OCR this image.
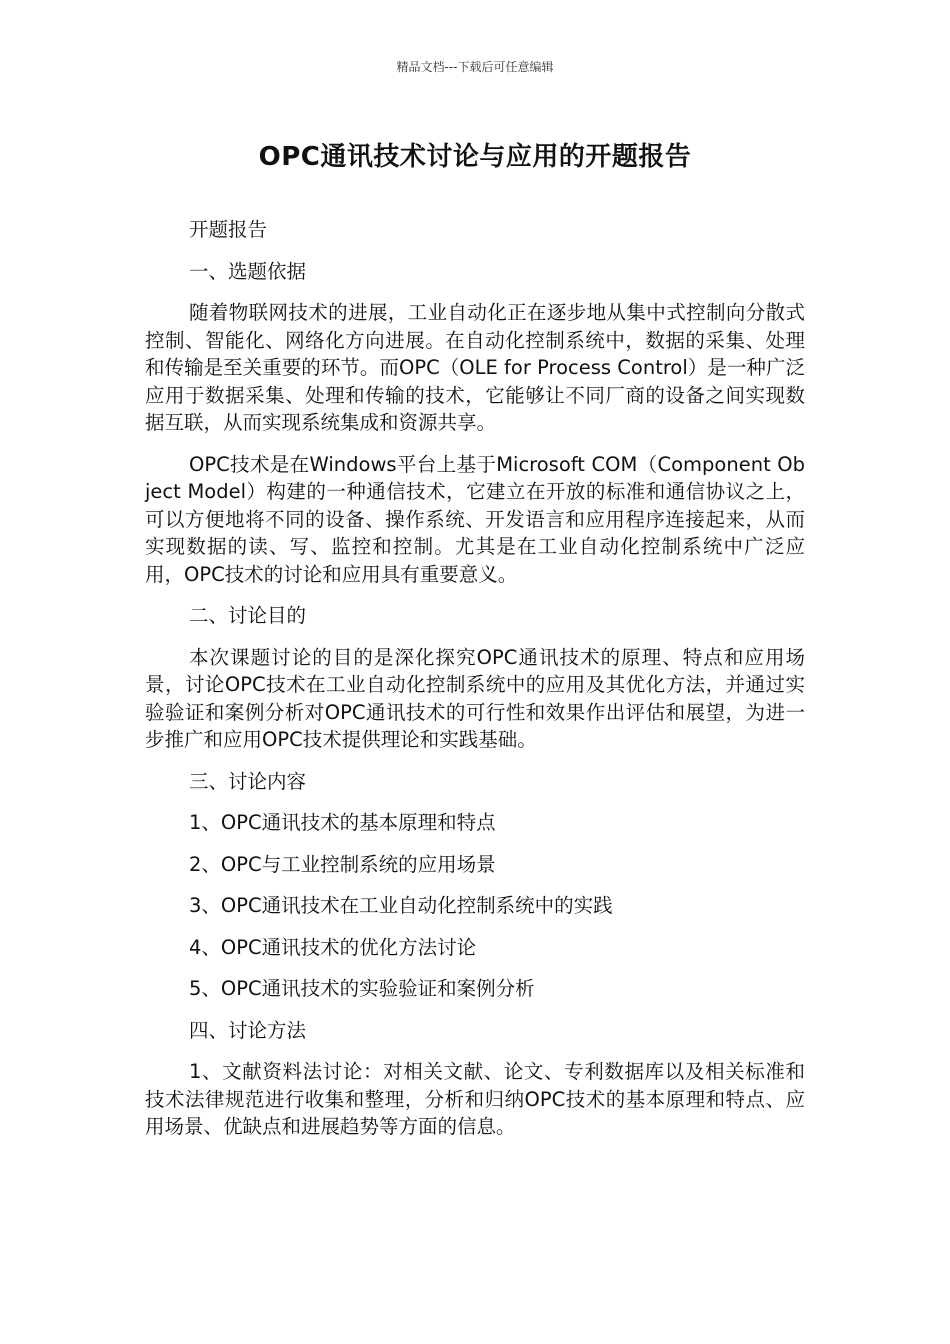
精品文档---下载后可任意编辑
OPC通讯技术讨论与应用的开题报告

开题报告

一、选题依据

随着物联网技术的进展，工业自动化正在逐步地从集中式控制向分散式控制、智能化、网络化方向进展。在自动化控制系统中，数据的采集、处理和传输是至关重要的环节。而OPC（OLE for Process Control）是一种广泛应用于数据采集、处理和传输的技术，它能够让不同厂商的设备之间实现数据互联，从而实现系统集成和资源共享。

OPC技术是在Windows平台上基于Microsoft COM（Component Object Model）构建的一种通信技术，它建立在开放的标准和通信协议之上，可以方便地将不同的设备、操作系统、开发语言和应用程序连接起来，从而实现数据的读、写、监控和控制。尤其是在工业自动化控制系统中广泛应用，OPC技术的讨论和应用具有重要意义。

二、讨论目的

本次课题讨论的目的是深化探究OPC通讯技术的原理、特点和应用场景，讨论OPC技术在工业自动化控制系统中的应用及其优化方法，并通过实验验证和案例分析对OPC通讯技术的可行性和效果作出评估和展望，为进一步推广和应用OPC技术提供理论和实践基础。

三、讨论内容

1、OPC通讯技术的基本原理和特点

2、OPC与工业控制系统的应用场景

3、OPC通讯技术在工业自动化控制系统中的实践

4、OPC通讯技术的优化方法讨论

5、OPC通讯技术的实验验证和案例分析

四、讨论方法

1、文献资料法讨论：对相关文献、论文、专利数据库以及相关标准和技术法律规范进行收集和整理，分析和归纳OPC技术的基本原理和特点、应用场景、优缺点和进展趋势等方面的信息。
